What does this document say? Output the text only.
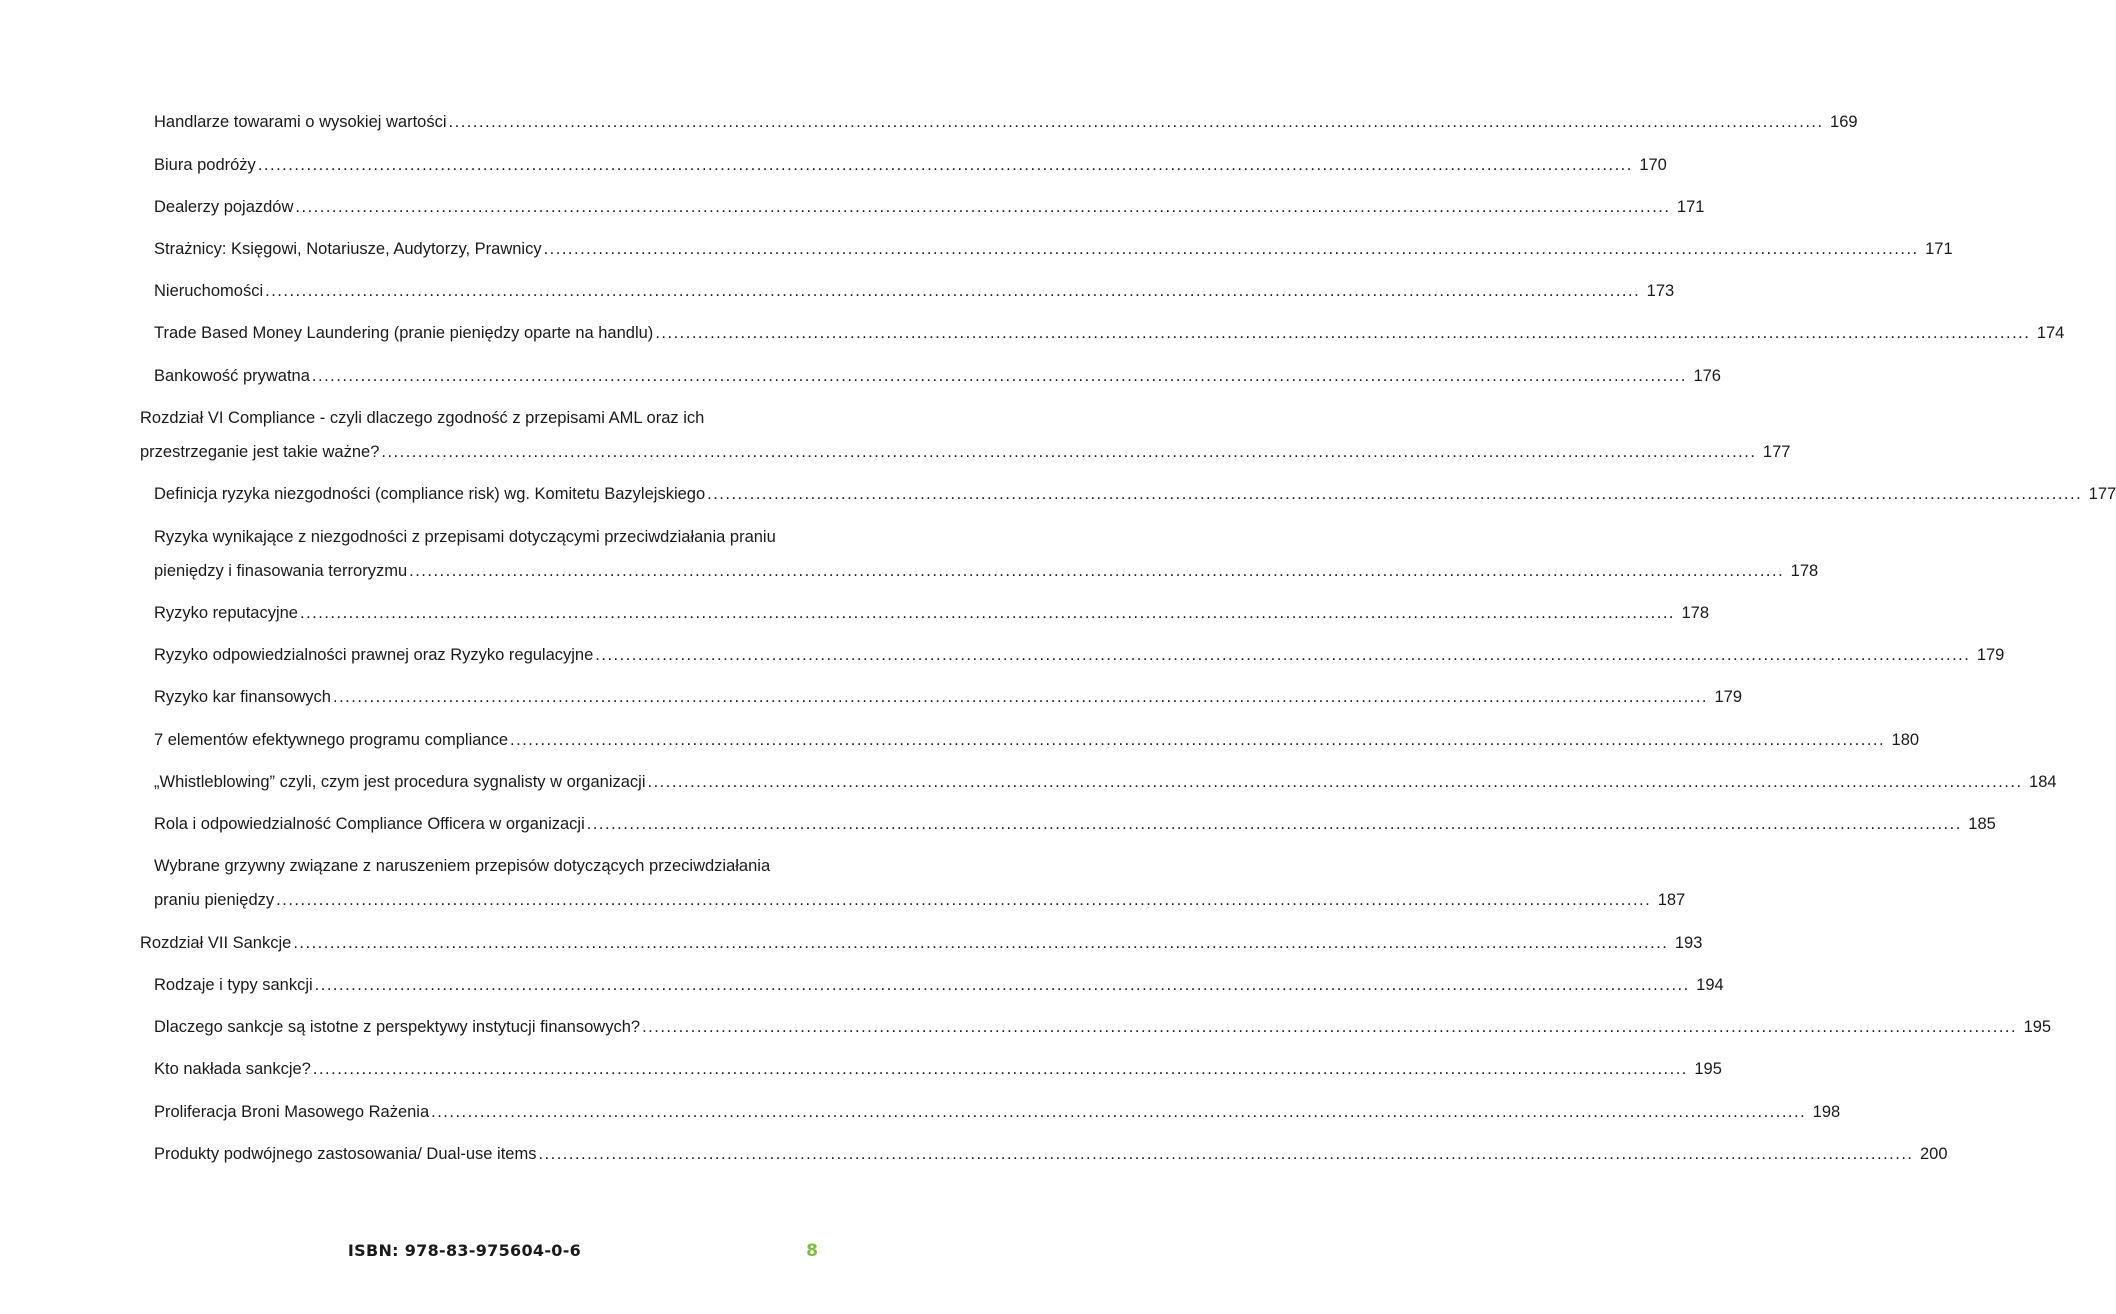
Handlarze towarami o wysokiej wartości .....	169
Biura podróży .....	170
Dealerzy pojazdów .....	171
Strażnicy: Księgowi, Notariusze, Audytorzy, Prawnicy .....	171
Nieruchomości .....	173
Trade Based Money Laundering (pranie pieniędzy oparte na handlu) .....	174
Bankowość prywatna .....	176
Rozdział VI Compliance - czyli dlaczego zgodność z przepisami AML oraz ich
przestrzeganie jest takie ważne? .....	177
Definicja ryzyka niezgodności (compliance risk) wg. Komitetu Bazylejskiego .....	177
Ryzyka wynikające z niezgodności z przepisami dotyczącymi przeciwdziałania praniu
pieniędzy i finasowania terroryzmu .....	178
Ryzyko reputacyjne .....	178
Ryzyko odpowiedzialności prawnej oraz Ryzyko regulacyjne .....	179
Ryzyko kar finansowych .....	179
7 elementów efektywnego programu compliance .....	180
„Whistleblowing” czyli, czym jest procedura sygnalisty w organizacji .....	184
Rola i odpowiedzialność Compliance Officera w organizacji .....	185
Wybrane grzywny związane z naruszeniem przepisów dotyczących przeciwdziałania
praniu pieniędzy .....	187
Rozdział VII Sankcje .....	193
Rodzaje i typy sankcji .....	194
Dlaczego sankcje są istotne z perspektywy instytucji finansowych? .....	195
Kto nakłada sankcje? .....	195
Proliferacja Broni Masowego Rażenia .....	198
Produkty podwójnego zastosowania/ Dual-use items .....	200
ISBN: 978-83-975604-0-6	8
